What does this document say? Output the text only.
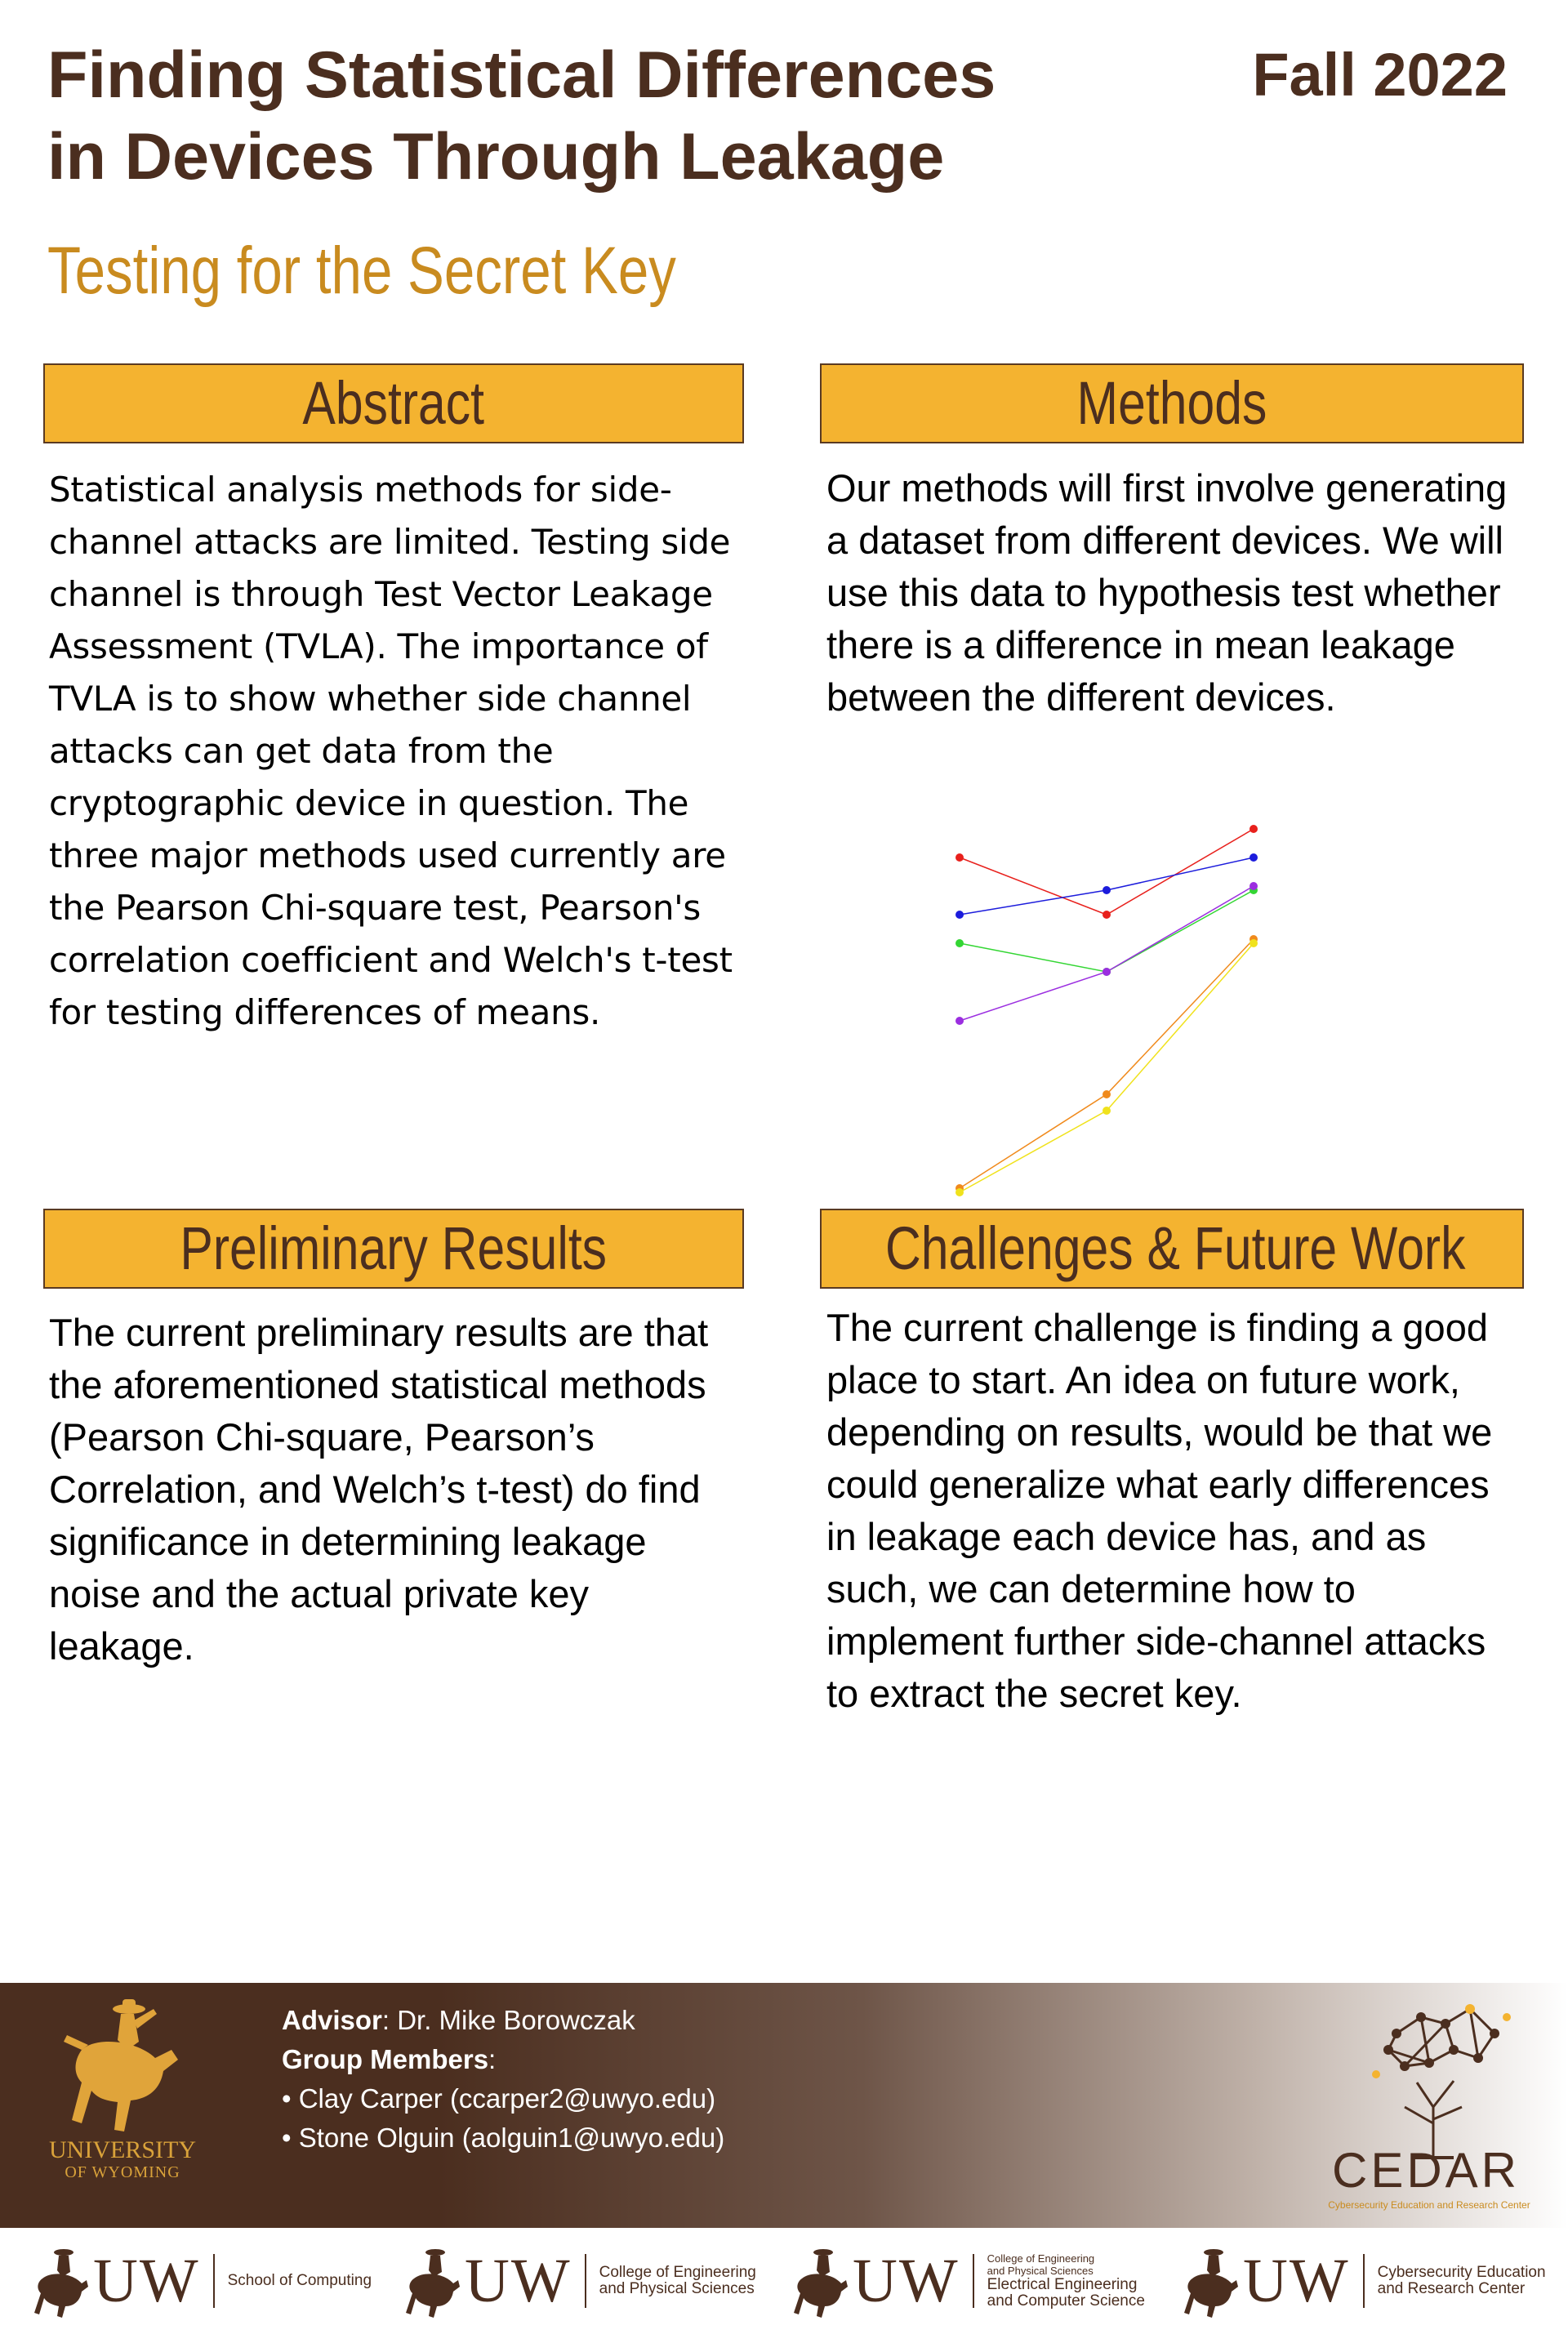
Finding Statistical Differences
in Devices Through Leakage
Fall 2022
Testing for the Secret Key
Abstract	Methods
Preliminary Results	Challenges & Future Work

Statistical analysis methods for side-channel attacks are limited. Testing side channel is through Test Vector Leakage Assessment (TVLA). The importance of TVLA is to show whether side channel attacks can get data from the cryptographic device in question. The three major methods used currently are the Pearson Chi-square test, Pearson's correlation coefficient and Welch's t-test for testing differences of means.

Our methods will first involve generating a dataset from different devices. We will use this data to hypothesis test whether there is a difference in mean leakage between the different devices.

The current preliminary results are that the aforementioned statistical methods (Pearson Chi-square, Pearson’s Correlation, and Welch’s t-test) do find significance in determining leakage noise and the actual private key leakage.

The current challenge is finding a good place to start. An idea on future work, depending on results, would be that we could generalize what early differences in leakage each device has, and as such, we can determine how to implement further side-channel attacks to extract the secret key.

UNIVERSITY
OF WYOMING
Advisor: Dr. Mike Borowczak
Group Members:
• Clay Carper (ccarper2@uwyo.edu)
• Stone Olguin (aolguin1@uwyo.edu)
CEDAR
Cybersecurity Education and Research Center
UW School of Computing UW College of Engineering
and Physical Sciences UW	College of Engineering
and Physical Sciences
Electrical Engineering
and Computer Science UW Cybersecurity Education
and Research Center
